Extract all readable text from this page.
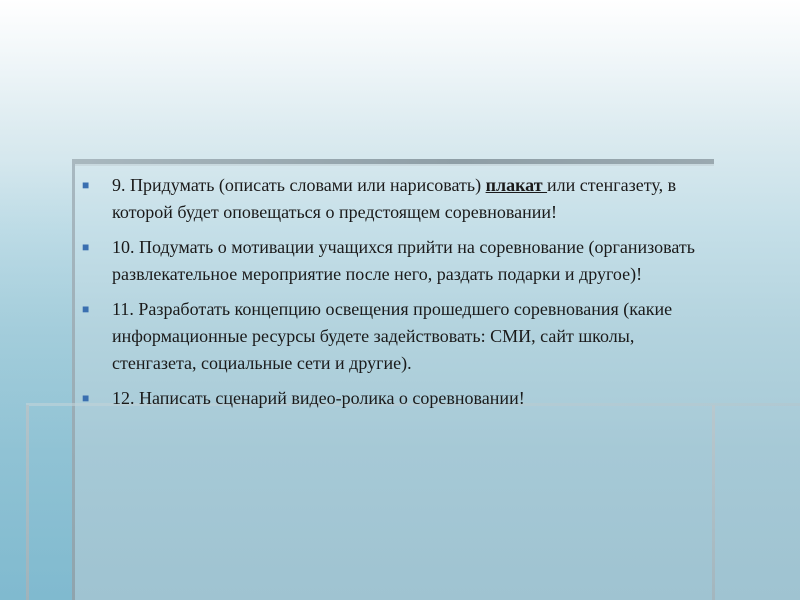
■ 9. Придумать (описать словами или нарисовать) плакат или стенгазету, в которой будет оповещаться о предстоящем соревновании!
■ 10. Подумать о мотивации учащихся прийти на соревнование (организовать развлекательное мероприятие после него, раздать подарки и другое)!
■ 11. Разработать концепцию освещения прошедшего соревнования (какие информационные ресурсы будете задействовать: СМИ, сайт школы, стенгазета, социальные сети и другие).
■ 12. Написать сценарий видео-ролика о соревновании!
